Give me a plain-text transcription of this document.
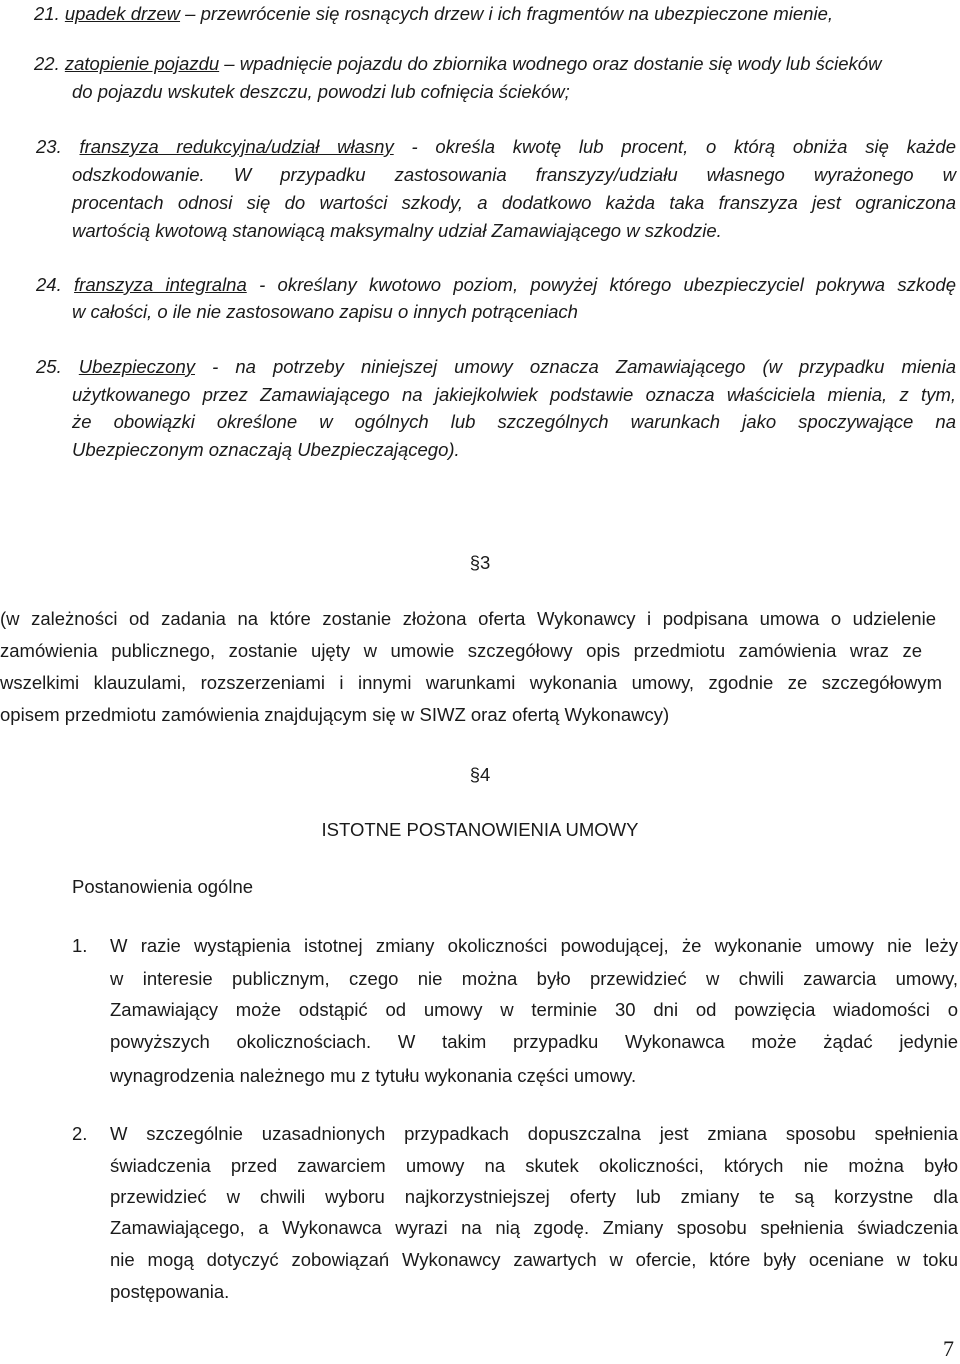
21. upadek drzew – przewrócenie się rosnących drzew i ich fragmentów na ubezpieczone mienie,
22. zatopienie pojazdu – wpadnięcie pojazdu do zbiornika wodnego oraz dostanie się wody lub ścieków
do pojazdu wskutek deszczu, powodzi lub cofnięcia ścieków;
23. franszyza redukcyjna/udział własny - określa kwotę lub procent, o którą obniża się każde
odszkodowanie. W przypadku zastosowania franszyzy/udziału własnego wyrażonego w
procentach odnosi się do wartości szkody, a dodatkowo każda taka franszyza jest ograniczona
wartością kwotową stanowiącą maksymalny udział Zamawiającego w szkodzie.
24. franszyza integralna - określany kwotowo poziom, powyżej którego ubezpieczyciel pokrywa szkodę
w całości, o ile nie zastosowano zapisu o innych potrąceniach
25. Ubezpieczony - na potrzeby niniejszej umowy oznacza Zamawiającego (w przypadku mienia
użytkowanego przez Zamawiającego na jakiejkolwiek podstawie oznacza właściciela mienia, z tym,
że obowiązki określone w ogólnych lub szczególnych warunkach jako spoczywające na
Ubezpieczonym oznaczają Ubezpieczającego).
§3
(w zależności od zadania na które zostanie złożona oferta Wykonawcy i podpisana umowa o udzielenie
zamówienia publicznego, zostanie ujęty w umowie szczegółowy opis przedmiotu zamówienia wraz ze
wszelkimi klauzulami, rozszerzeniami i innymi warunkami wykonania umowy, zgodnie ze szczegółowym
opisem przedmiotu zamówienia znajdującym się w SIWZ oraz ofertą Wykonawcy)
§4
ISTOTNE POSTANOWIENIA UMOWY
Postanowienia ogólne
1. W razie wystąpienia istotnej zmiany okoliczności powodującej, że wykonanie umowy nie leży
w interesie publicznym, czego nie można było przewidzieć w chwili zawarcia umowy,
Zamawiający może odstąpić od umowy w terminie 30 dni od powzięcia wiadomości o
powyższych okolicznościach. W takim przypadku Wykonawca może żądać jedynie
wynagrodzenia należnego mu z tytułu wykonania części umowy.
2. W szczególnie uzasadnionych przypadkach dopuszczalna jest zmiana sposobu spełnienia
świadczenia przed zawarciem umowy na skutek okoliczności, których nie można było
przewidzieć w chwili wyboru najkorzystniejszej oferty lub zmiany te są korzystne dla
Zamawiającego, a Wykonawca wyrazi na nią zgodę. Zmiany sposobu spełnienia świadczenia
nie mogą dotyczyć zobowiązań Wykonawcy zawartych w ofercie, które były oceniane w toku
postępowania.
7
